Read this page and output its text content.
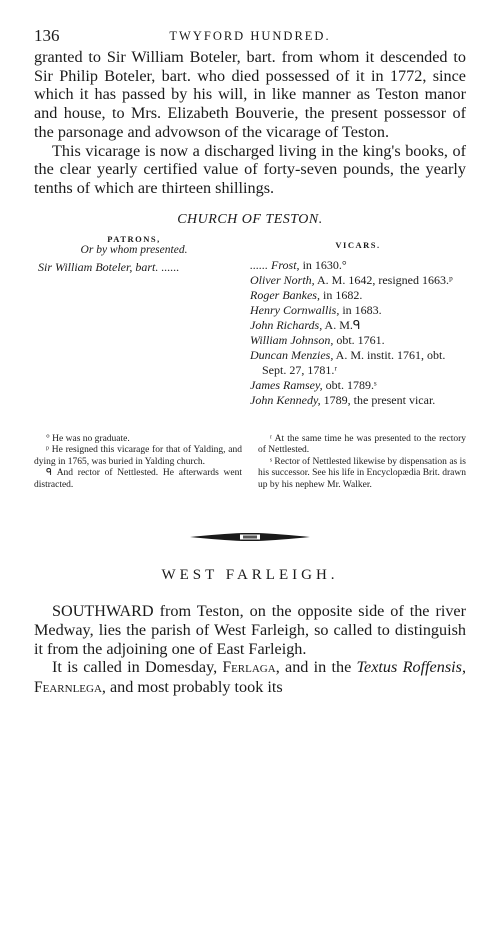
136	TWYFORD HUNDRED.

granted to Sir William Boteler, bart. from whom it descended to Sir Philip Boteler, bart. who died possessed of it in 1772, since which it has passed by his will, in like manner as Teston manor and house, to Mrs. Elizabeth Bouverie, the present possessor of the parsonage and advowson of the vicarage of Teston.

This vicarage is now a discharged living in the king's books, of the clear yearly certified value of forty-seven pounds, the yearly tenths of which are thirteen shillings.

CHURCH OF TESTON.
PATRONS,
Or by whom presented.
Sir William Boteler, bart. ......
VICARS.
...... Frost, in 1630.°
Oliver North, A. M. 1642, resigned 1663.ᵖ
Roger Bankes, in 1682.
Henry Cornwallis, in 1683.
John Richards, A. M.ᑫ
William Johnson, obt. 1761.
Duncan Menzies, A. M. instit. 1761, obt. Sept. 27, 1781.ʳ
James Ramsey, obt. 1789.ˢ
John Kennedy, 1789, the present vicar.

° He was no graduate.

ᵖ He resigned this vicarage for that of Yalding, and dying in 1765, was buried in Yalding church.

ᑫ And rector of Nettlested. He afterwards went distracted.

ʳ At the same time he was presented to the rectory of Nettlested.

ˢ Rector of Nettlested likewise by dispensation as is his successor. See his life in Encyclopædia Brit. drawn up by his nephew Mr. Walker.

WEST FARLEIGH.

SOUTHWARD from Teston, on the opposite side of the river Medway, lies the parish of West Farleigh, so called to distinguish it from the adjoining one of East Farleigh.

It is called in Domesday, Ferlaga, and in the Textus Roffensis, Fearnlega, and most probably took its
